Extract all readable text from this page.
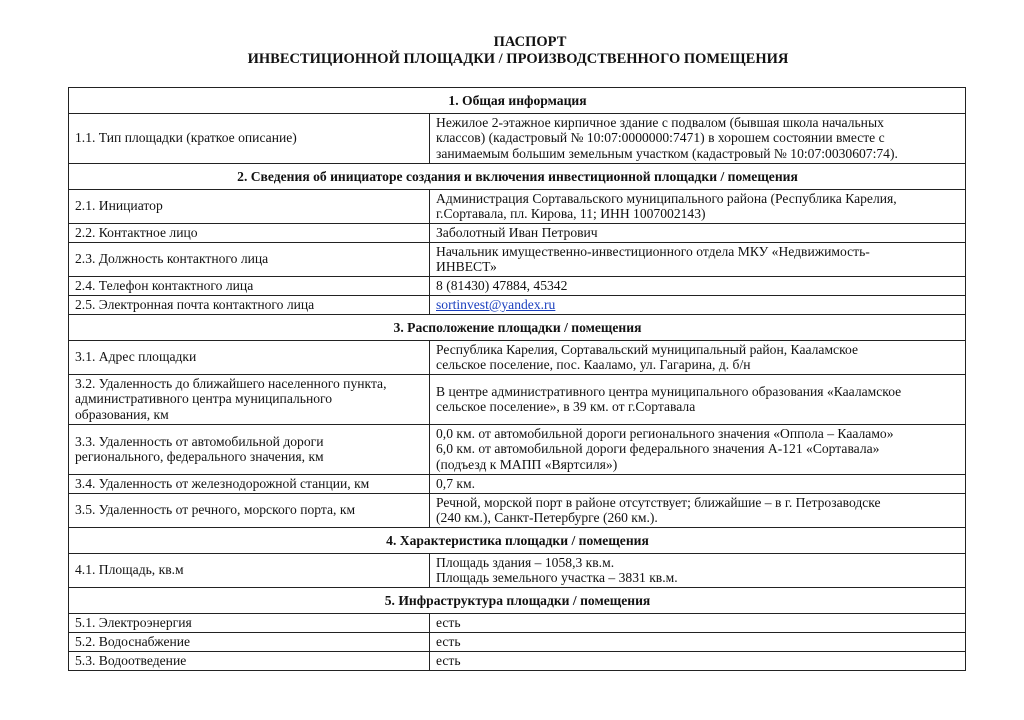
ПАСПОРТ
ИНВЕСТИЦИОННОЙ ПЛОЩАДКИ / ПРОИЗВОДСТВЕННОГО ПОМЕЩЕНИЯ
1. Общая информация	
1.1. Тип площадки (краткое описание)	Нежилое 2-этажное кирпичное здание с подвалом (бывшая школа начальных
классов) (кадастровый № 10:07:0000000:7471) в хорошем состоянии вместе с
занимаемым большим земельным участком (кадастровый № 10:07:0030607:74).

2. Сведения об инициаторе создания и включения инвестиционной площадки / помещения	
2.1. Инициатор	Администрация Сортавальского муниципального района (Республика Карелия,
г.Сортавала, пл. Кирова, 11; ИНН 1007002143)

2.2. Контактное лицо	Заболотный Иван Петрович
2.3. Должность контактного лица	Начальник имущественно-инвестиционного отдела МКУ «Недвижимость-
ИНВЕСТ»

2.4. Телефон контактного лица	8 (81430) 47884, 45342
2.5. Электронная почта контактного лица	sortinvest@yandex.ru
3. Расположение площадки / помещения	
3.1. Адрес площадки	Республика Карелия, Сортавальский муниципальный район, Кааламское
сельское поселение, пос. Кааламо, ул. Гагарина, д. б/н

3.2. Удаленность до ближайшего населенного пункта,
административного центра муниципального
образования, км	В центре административного центра муниципального образования «Кааламское
сельское поселение», в 39 км. от г.Сортавала

3.3. Удаленность от автомобильной дороги
регионального, федерального значения, км	0,0 км. от автомобильной дороги регионального значения «Оппола – Кааламо»
6,0 км. от автомобильной дороги федерального значения А-121 «Сортавала»
(подъезд к МАПП «Вяртсиля»)

3.4. Удаленность от железнодорожной станции, км	0,7 км.
3.5. Удаленность от речного, морского порта, км	Речной, морской порт в районе отсутствует; ближайшие – в г. Петрозаводске
(240 км.), Санкт-Петербурге (260 км.).

4. Характеристика площадки / помещения	
4.1. Площадь, кв.м	Площадь здания – 1058,3 кв.м.
Площадь земельного участка – 3831 кв.м.

5. Инфраструктура площадки / помещения	
5.1. Электроэнергия	есть
5.2. Водоснабжение	есть
5.3. Водоотведение	есть
